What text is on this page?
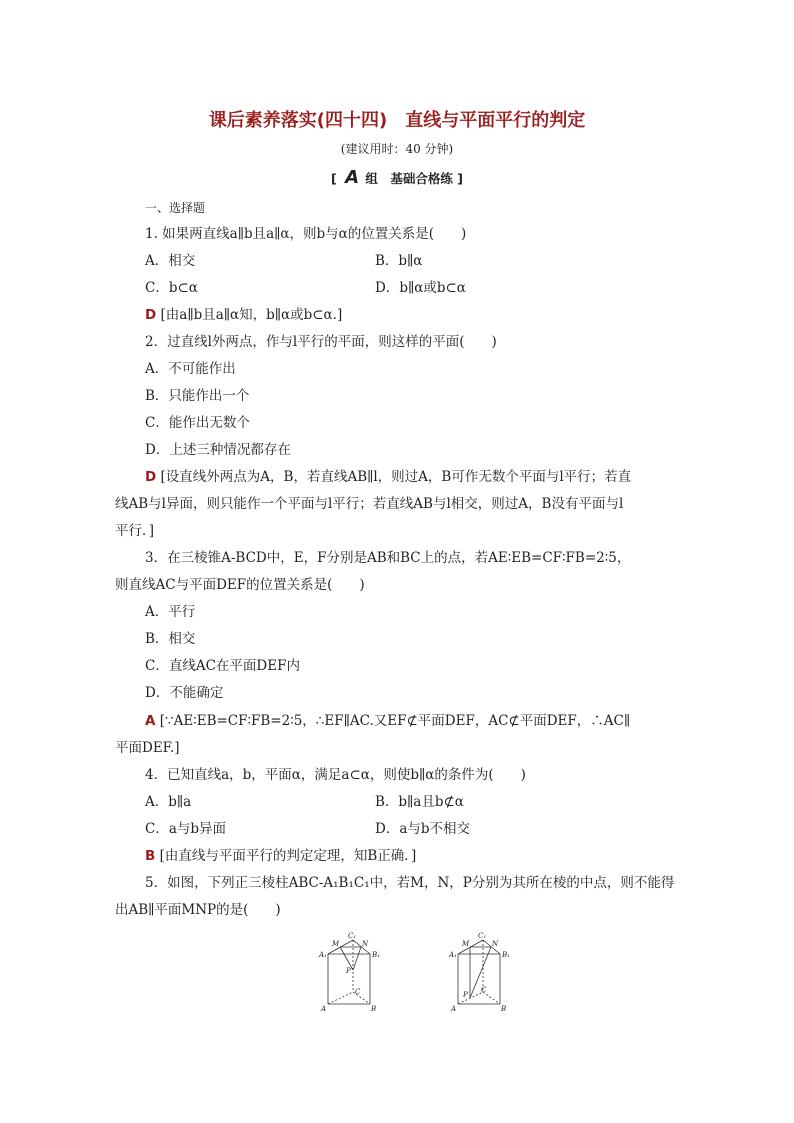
课后素养落实(四十四)　直线与平面平行的判定
(建议用时：40 分钟)
[ A 组　基础合格练 ]
一、选择题
1. 如果两直线a∥b且a∥α，则b与α的位置关系是(　　)
A．相交	B．b∥α
C．b⊂α	D．b∥α或b⊂α
D [由a∥b且a∥α知，b∥α或b⊂α.]
2．过直线l外两点，作与l平行的平面，则这样的平面(　　)
A．不可能作出
B．只能作出一个
C．能作出无数个
D．上述三种情况都存在
D [设直线外两点为A，B，若直线AB∥l，则过A，B可作无数个平面与l平行；若直
线AB与l异面，则只能作一个平面与l平行；若直线AB与l相交，则过A，B没有平面与l
平行．]
3．在三棱锥A-BCD中，E，F分别是AB和BC上的点，若AE∶EB=CF∶FB=2∶5，
则直线AC与平面DEF的位置关系是(　　)
A．平行
B．相交
C．直线AC在平面DEF内
D．不能确定
A [∵AE∶EB=CF∶FB=2∶5，∴EF∥AC.又EF⊄平面DEF，AC⊄平面DEF，∴AC∥
平面DEF.]
4．已知直线a，b，平面α，满足a⊂α，则使b∥α的条件为(　　)
A．b∥a	B．b∥a且b⊄α
C．a与b异面	D．a与b不相交
B [由直线与平面平行的判定定理，知B正确．]
5．如图，下列正三棱柱ABC-A₁B₁C₁中，若M，N，P分别为其所在棱的中点，则不能得
出AB∥平面MNP的是(　　)
C₁
M	N
A₁	B₁
P
C
A	B
C₁
M	N
A₁	B₁
P
C
A	B
